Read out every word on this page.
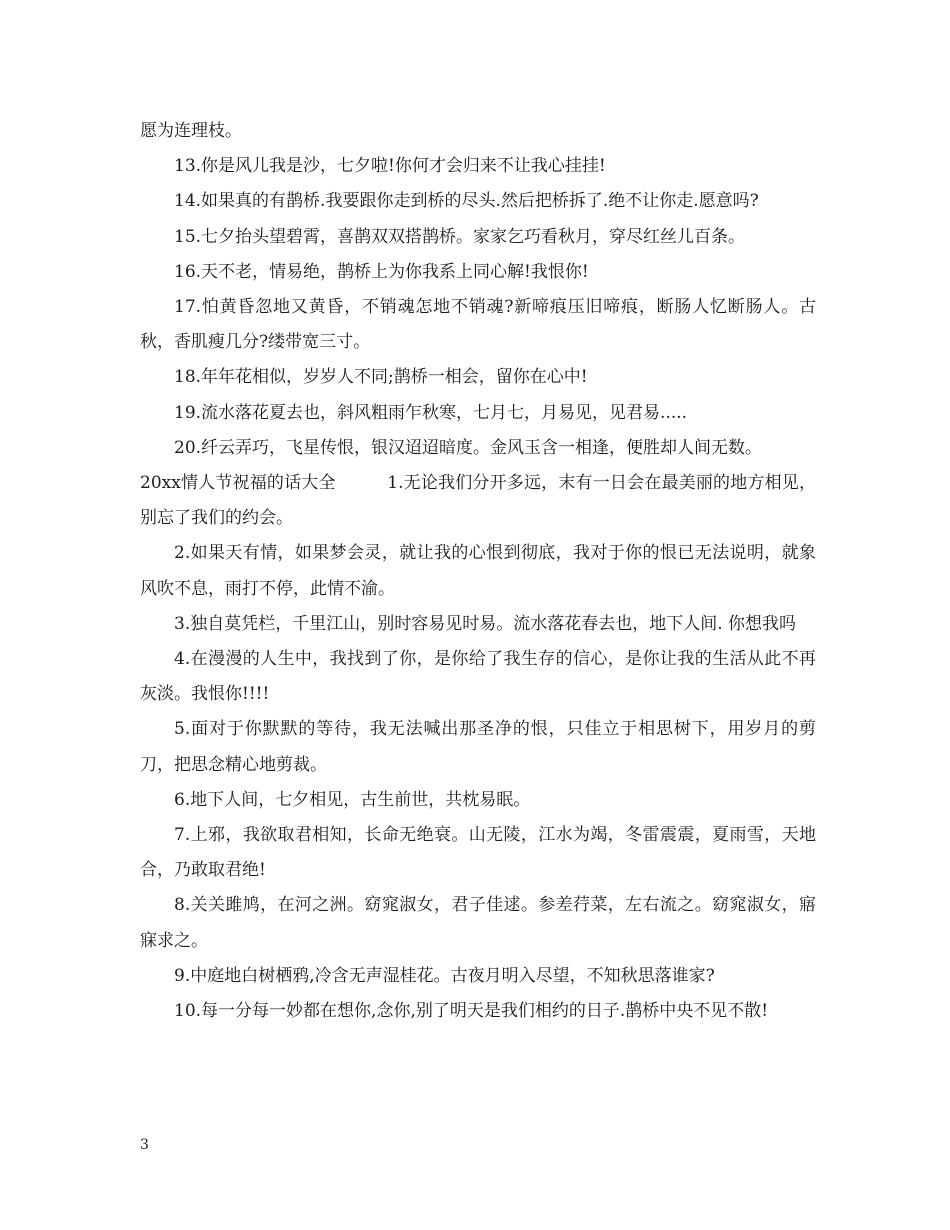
愿为连理枝。

13.你是风儿我是沙，七夕啦!你何才会归来不让我心挂挂!

14.如果真的有鹊桥.我要跟你走到桥的尽头.然后把桥拆了.绝不让你走.愿意吗?

15.七夕抬头望碧霄，喜鹊双双搭鹊桥。家家乞巧看秋月，穿尽红丝儿百条。

16.天不老，情易绝，鹊桥上为你我系上同心解!我恨你!

17.怕黄昏忽地又黄昏，不销魂怎地不销魂?新啼痕压旧啼痕，断肠人忆断肠人。古秋，香肌瘦几分?缕带宽三寸。

18.年年花相似，岁岁人不同;鹊桥一相会，留你在心中!

19.流水落花夏去也，斜风粗雨乍秋寒，七月七，月易见，见君易.....

20.纤云弄巧，飞星传恨，银汉迢迢暗度。金风玉含一相逢，便胜却人间无数。

20xx情人节祝福的话大全　　　1.无论我们分开多远，末有一日会在最美丽的地方相见，别忘了我们的约会。

2.如果天有情，如果梦会灵，就让我的心恨到彻底，我对于你的恨已无法说明，就象风吹不息，雨打不停，此情不渝。

3.独自莫凭栏，千里江山，别时容易见时易。流水落花春去也，地下人间. 你想我吗

4.在漫漫的人生中，我找到了你，是你给了我生存的信心，是你让我的生活从此不再灰淡。我恨你!!!!

5.面对于你默默的等待，我无法喊出那圣净的恨，只佳立于相思树下，用岁月的剪刀，把思念精心地剪裁。

6.地下人间，七夕相见，古生前世，共枕易眠。

7.上邪，我欲取君相知，长命无绝衰。山无陵，江水为竭，冬雷震震，夏雨雪，天地合，乃敢取君绝!

8.关关雎鸠，在河之洲。窈窕淑女，君子佳逑。参差荇菜，左右流之。窈窕淑女，寤寐求之。

9.中庭地白树栖鸦,冷含无声湿桂花。古夜月明入尽望，不知秋思落谁家?

10.每一分每一妙都在想你,念你,别了明天是我们相约的日子.鹊桥中央不见不散!

3
